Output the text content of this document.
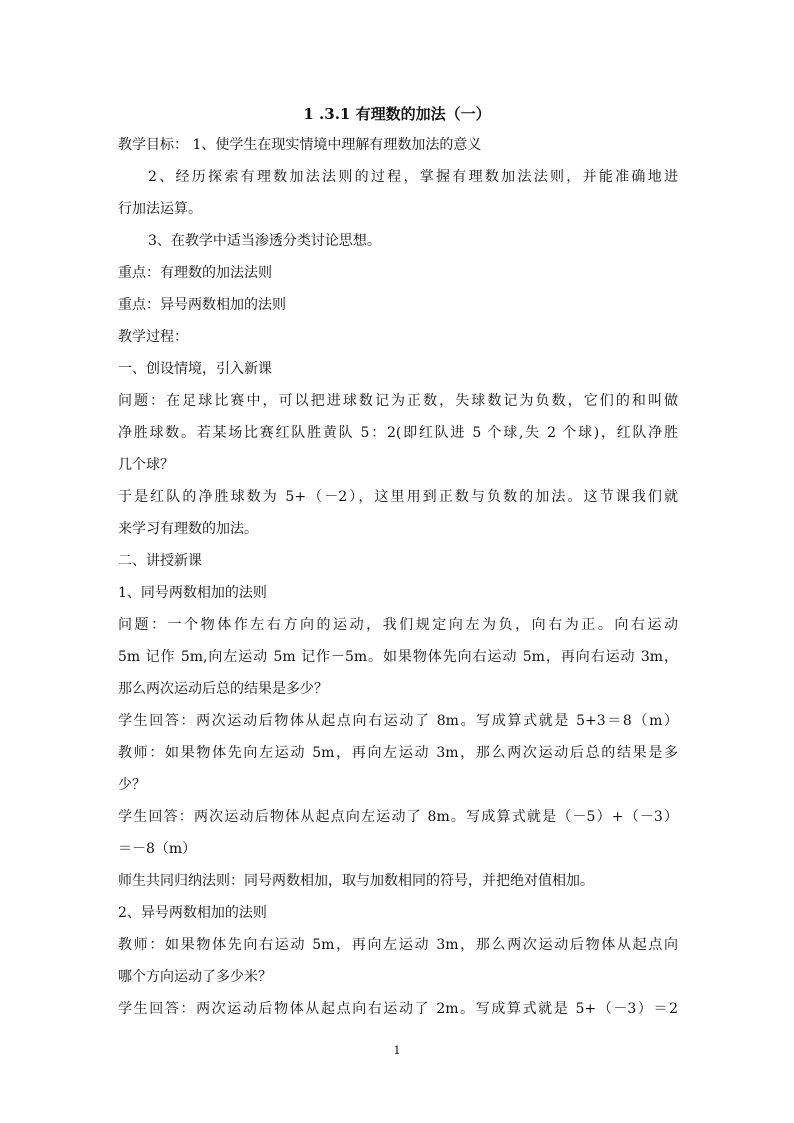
1 .3.1 有理数的加法（一）
教学目标： 1、使学生在现实情境中理解有理数加法的意义
2、经历探索有理数加法法则的过程，掌握有理数加法法则，并能准确地进
行加法运算。
3、在教学中适当渗透分类讨论思想。
重点：有理数的加法法则
重点：异号两数相加的法则
教学过程：
一、创设情境，引入新课
问题：在足球比赛中，可以把进球数记为正数，失球数记为负数，它们的和叫做
净胜球数。若某场比赛红队胜黄队 5：2(即红队进 5 个球,失 2 个球)，红队净胜
几个球？
于是红队的净胜球数为 5+（－2），这里用到正数与负数的加法。这节课我们就
来学习有理数的加法。
二、讲授新课
1、同号两数相加的法则
问题：一个物体作左右方向的运动，我们规定向左为负，向右为正。向右运动
5m 记作 5m,向左运动 5m 记作－5m。如果物体先向右运动 5m，再向右运动 3m，
那么两次运动后总的结果是多少？
学生回答：两次运动后物体从起点向右运动了 8m。写成算式就是 5+3＝8（m）
教师：如果物体先向左运动 5m，再向左运动 3m，那么两次运动后总的结果是多
少？
学生回答：两次运动后物体从起点向左运动了 8m。写成算式就是（－5）+（－3）
＝－8（m）
师生共同归纳法则：同号两数相加，取与加数相同的符号，并把绝对值相加。
2、异号两数相加的法则
教师：如果物体先向右运动 5m，再向左运动 3m，那么两次运动后物体从起点向
哪个方向运动了多少米？
学生回答：两次运动后物体从起点向右运动了 2m。写成算式就是 5+（－3）＝2
1
